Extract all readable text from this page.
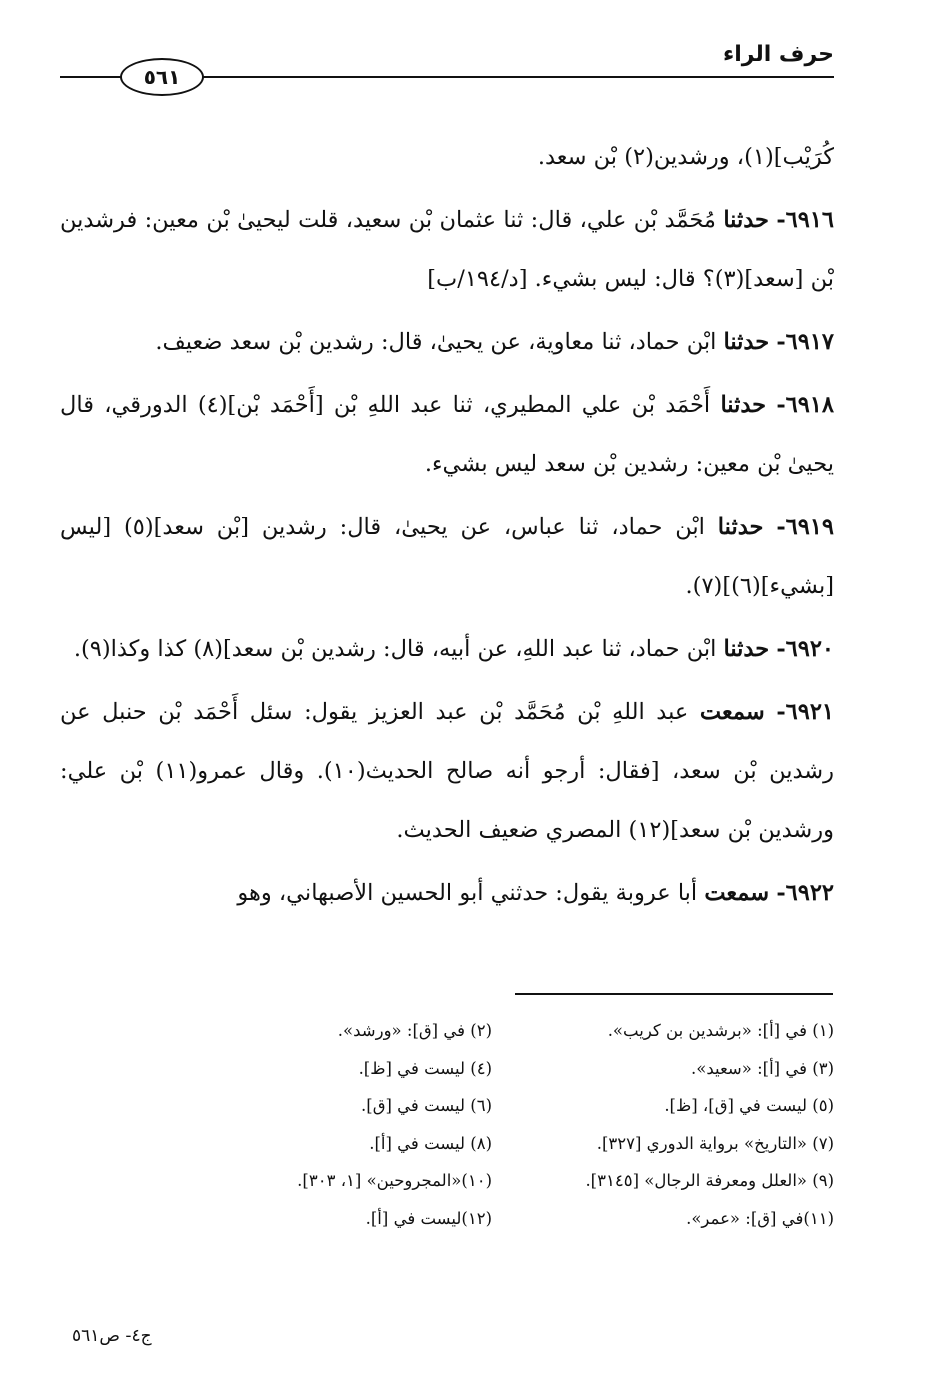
حرف الراء
٥٦١

كُرَيْب](١)، ورشدين(٢) بْن سعد.

٦٩١٦- حدثنا مُحَمَّد بْن علي، قال: ثنا عثمان بْن سعيد، قلت ليحيىٰ بْن معين: فرشدين بْن [سعد](٣)؟ قال: ليس بشيء. [د/١٩٤/ب]

٦٩١٧- حدثنا ابْن حماد، ثنا معاوية، عن يحيىٰ، قال: رشدين بْن سعد ضعيف.

٦٩١٨- حدثنا أَحْمَد بْن علي المطيري، ثنا عبد اللهِ بْن [أَحْمَد بْن](٤) الدورقي، قال يحيىٰ بْن معين: رشدين بْن سعد ليس بشيء.

٦٩١٩- حدثنا ابْن حماد، ثنا عباس، عن يحيىٰ، قال: رشدين [بْن سعد](٥) [ليس [بشيء](٦)](٧).

٦٩٢٠- حدثنا ابْن حماد، ثنا عبد اللهِ، عن أبيه، قال: رشدين بْن سعد](٨) كذا وكذا(٩).

٦٩٢١- سمعت عبد اللهِ بْن مُحَمَّد بْن عبد العزيز يقول: سئل أَحْمَد بْن حنبل عن رشدين بْن سعد، [فقال: أرجو أنه صالح الحديث(١٠). وقال عمرو(١١) بْن علي: ورشدين بْن سعد](١٢) المصري ضعيف الحديث.

٦٩٢٢- سمعت أبا عروبة يقول: حدثني أبو الحسين الأصبهاني، وهو

(١) في [أ]: «برشدين بن كريب».
(٢) في [ق]: «ورشد».
(٣) في [أ]: «سعيد».
(٤) ليست في [ظ].
(٥) ليست في [ق]، [ظ].
(٦) ليست في [ق].
(٧) «التاريخ» برواية الدوري [٣٢٧].
(٨) ليست في [أ].
(٩) «العلل ومعرفة الرجال» [٣١٤٥].
(١٠)«المجروحين» [١، ٣٠٣].
(١١)في [ق]: «عمر».
(١٢)ليست في [أ].
ج٤- ص٥٦١
